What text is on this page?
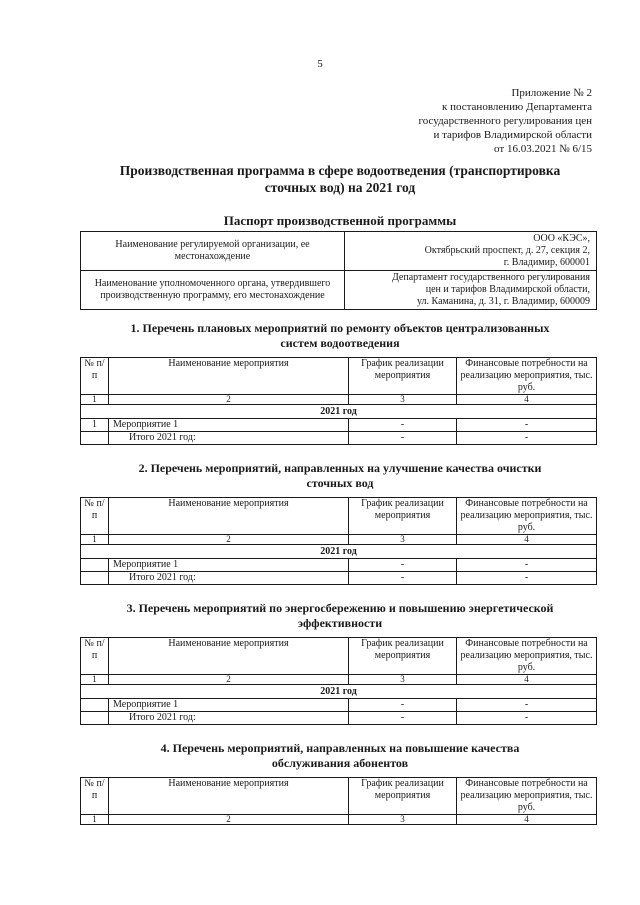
5
Приложение № 2
к постановлению Департамента
государственного регулирования цен
и тарифов Владимирской области
от 16.03.2021 № 6/15
Производственная программа в сфере водоотведения (транспортировка
сточных вод) на 2021 год
Паспорт производственной программы
Наименование регулируемой организации, ее местонахождение	ООО «КЭС»,
Октябрьский проспект, д. 27, секция 2,
г. Владимир, 600001

Наименование уполномоченного органа, утвердившего производственную программу, его местонахождение	Департамент государственного регулирования
цен и тарифов Владимирской области,
ул. Каманина, д. 31, г. Владимир, 600009
1. Перечень плановых мероприятий по ремонту объектов централизованных
систем водоотведения
№ п/п	Наименование мероприятия	График реализации мероприятия	Финансовые потребности на реализацию мероприятия, тыс. руб.
1	2	3	4
2021 год			
1	Мероприятие 1	-	-
	Итого 2021 год:	-	-
2. Перечень мероприятий, направленных на улучшение качества очистки
сточных вод
№ п/п	Наименование мероприятия	График реализации мероприятия	Финансовые потребности на реализацию мероприятия, тыс. руб.
1	2	3	4
2021 год			
	Мероприятие 1	-	-
	Итого 2021 год:	-	-
3. Перечень мероприятий по энергосбережению и повышению энергетической
эффективности
№ п/п	Наименование мероприятия	График реализации мероприятия	Финансовые потребности на реализацию мероприятия, тыс. руб.
1	2	3	4
2021 год			
	Мероприятие 1	-	-
	Итого 2021 год:	-	-
4. Перечень мероприятий, направленных на повышение качества
обслуживания абонентов
№ п/п	Наименование мероприятия	График реализации мероприятия	Финансовые потребности на реализацию мероприятия, тыс. руб.
1	2	3	4
